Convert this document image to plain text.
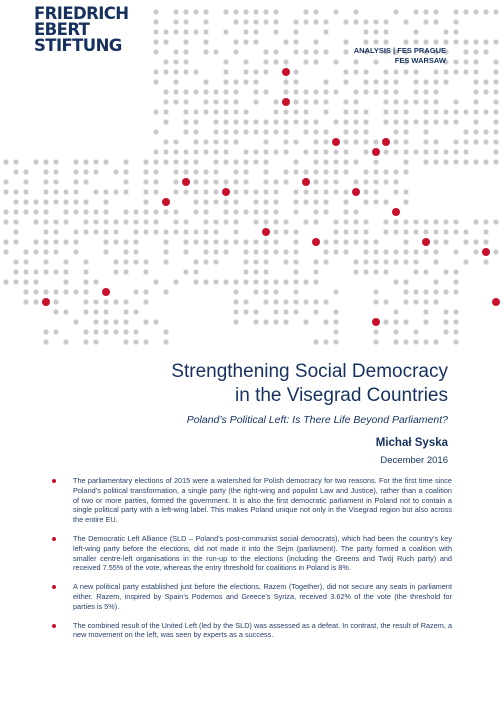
FRIEDRICH
EBERT
STIFTUNG	ANALYSIS | FES PRAGUE
FES WARSAW
Strengthening Social Democracy
in the Visegrad Countries
Poland’s Political Left: Is There Life Beyond Parliament?
Michał Syska
December 2016

The parliamentary elections of 2015 were a watershed for Polish democracy for two reasons. For the first time since Poland’s political transformation, a single party (the right-wing and populist Law and Justice), rather than a coalition of two or more parties, formed the government. It is also the first democratic parliament in Poland not to contain a single political party with a left-wing label. This makes Poland unique not only in the Visegrad region but also across the entire EU.

The Democratic Left Alliance (SLD – Poland’s post-communist social democrats), which had been the country’s key left-wing party before the elections, did not made it into the Sejm (parliament). The party formed a coalition with smaller centre-left organisations in the run-up to the elections (including the Greens and Twój Ruch party) and received 7.55% of the vote, whereas the entry threshold for coalitions in Poland is 8%.

A new political party established just before the elections, Razem (Together), did not secure any seats in parliament either. Razem, inspired by Spain’s Podemos and Greece’s Syriza, received 3.62% of the vote (the threshold for parties is 5%).

The combined result of the United Left (led by the SLD) was assessed as a defeat. In contrast, the result of Razem, a new movement on the left, was seen by experts as a success.
